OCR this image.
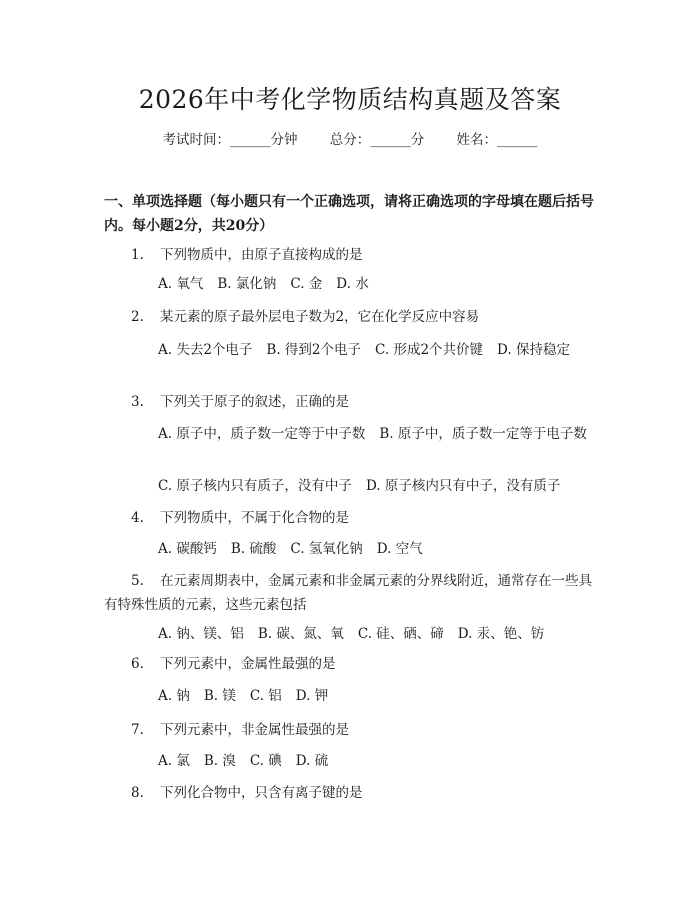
2026年中考化学物质结构真题及答案
考试时间：______分钟 总分：______分 姓名：______
一、单项选择题（每小题只有一个正确选项，请将正确选项的字母填在题后括号内。每小题2分，共20分）
1. 下列物质中，由原子直接构成的是
A. 氧气 B. 氯化钠 C. 金 D. 水
2. 某元素的原子最外层电子数为2，它在化学反应中容易
A. 失去2个电子 B. 得到2个电子 C. 形成2个共价键 D. 保持稳定
3. 下列关于原子的叙述，正确的是
A. 原子中，质子数一定等于中子数 B. 原子中，质子数一定等于电子数
C. 原子核内只有质子，没有中子 D. 原子核内只有中子，没有质子
4. 下列物质中，不属于化合物的是
A. 碳酸钙 B. 硫酸 C. 氢氧化钠 D. 空气
5. 在元素周期表中，金属元素和非金属元素的分界线附近，通常存在一些具有特殊性质的元素，这些元素包括
A. 钠、镁、铝 B. 碳、氮、氧 C. 硅、硒、碲 D. 汞、铯、钫
6. 下列元素中，金属性最强的是
A. 钠 B. 镁 C. 铝 D. 钾
7. 下列元素中，非金属性最强的是
A. 氯 B. 溴 C. 碘 D. 硫
8. 下列化合物中，只含有离子键的是
